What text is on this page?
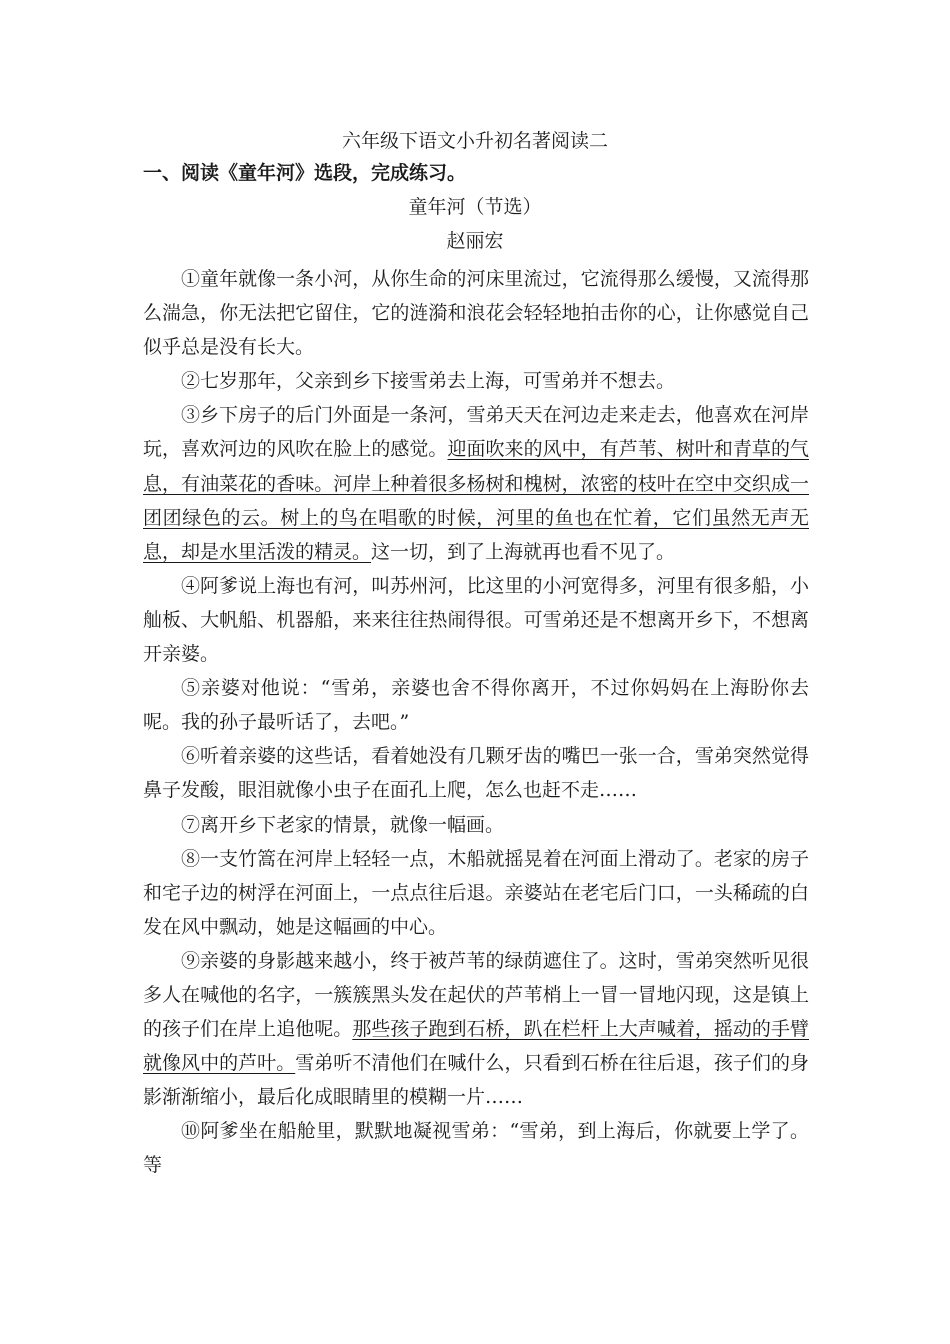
六年级下语文小升初名著阅读二
一、阅读《童年河》选段，完成练习。
童年河（节选）
赵丽宏

①童年就像一条小河，从你生命的河床里流过，它流得那么缓慢，又流得那么湍急，你无法把它留住，它的涟漪和浪花会轻轻地拍击你的心，让你感觉自己似乎总是没有长大。

②七岁那年，父亲到乡下接雪弟去上海，可雪弟并不想去。

③乡下房子的后门外面是一条河，雪弟天天在河边走来走去，他喜欢在河岸玩，喜欢河边的风吹在脸上的感觉。迎面吹来的风中，有芦苇、树叶和青草的气息，有油菜花的香味。河岸上种着很多杨树和槐树，浓密的枝叶在空中交织成一团团绿色的云。树上的鸟在唱歌的时候，河里的鱼也在忙着，它们虽然无声无息，却是水里活泼的精灵。这一切，到了上海就再也看不见了。

④阿爹说上海也有河，叫苏州河，比这里的小河宽得多，河里有很多船，小舢板、大帆船、机器船，来来往往热闹得很。可雪弟还是不想离开乡下，不想离开亲婆。

⑤亲婆对他说：“雪弟，亲婆也舍不得你离开，不过你妈妈在上海盼你去呢。我的孙子最听话了，去吧。”

⑥听着亲婆的这些话，看着她没有几颗牙齿的嘴巴一张一合，雪弟突然觉得鼻子发酸，眼泪就像小虫子在面孔上爬，怎么也赶不走……

⑦离开乡下老家的情景，就像一幅画。

⑧一支竹篙在河岸上轻轻一点，木船就摇晃着在河面上滑动了。老家的房子和宅子边的树浮在河面上，一点点往后退。亲婆站在老宅后门口，一头稀疏的白发在风中飘动，她是这幅画的中心。

⑨亲婆的身影越来越小，终于被芦苇的绿荫遮住了。这时，雪弟突然听见很多人在喊他的名字，一簇簇黑头发在起伏的芦苇梢上一冒一冒地闪现，这是镇上的孩子们在岸上追他呢。那些孩子跑到石桥，趴在栏杆上大声喊着，摇动的手臂就像风中的芦叶。雪弟听不清他们在喊什么，只看到石桥在往后退，孩子们的身影渐渐缩小，最后化成眼睛里的模糊一片……

⑩阿爹坐在船舱里，默默地凝视雪弟：“雪弟，到上海后，你就要上学了。等
